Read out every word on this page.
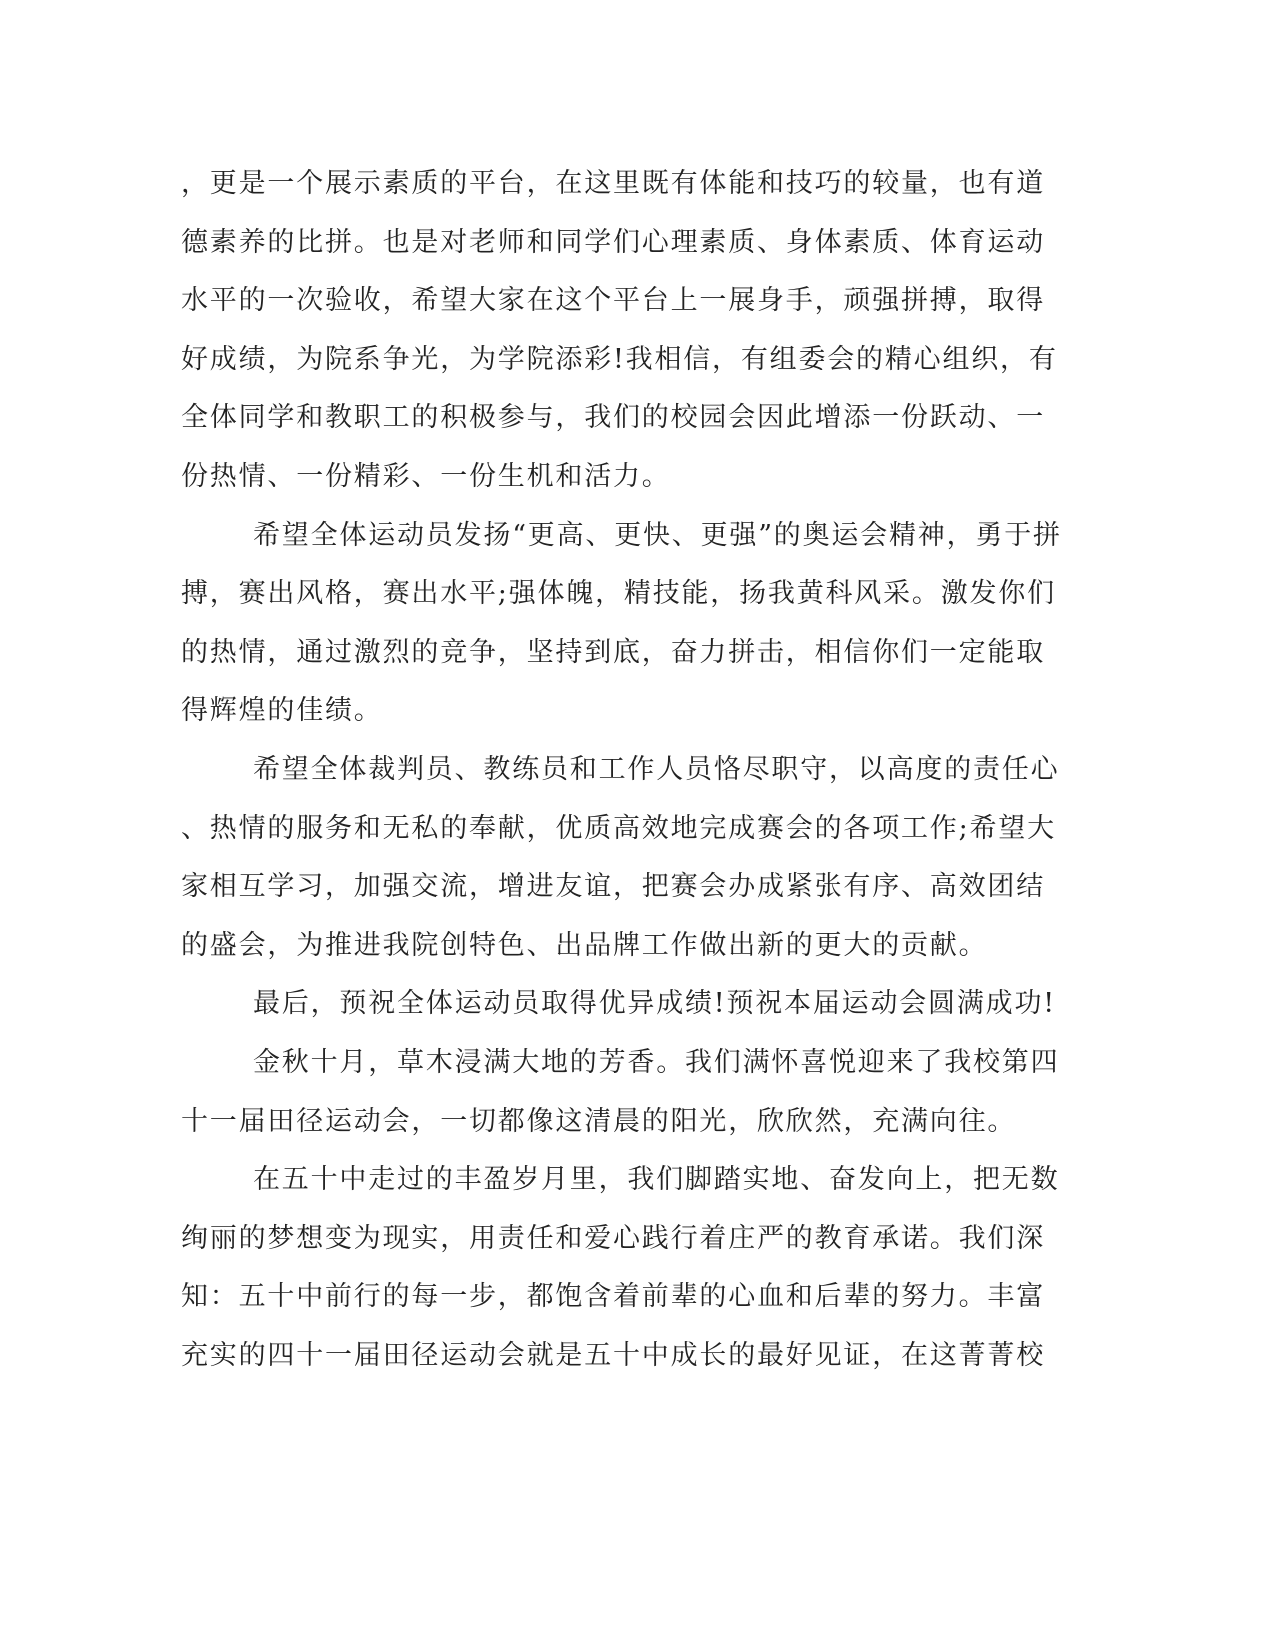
，更是一个展示素质的平台，在这里既有体能和技巧的较量，也有道
德素养的比拼。也是对老师和同学们心理素质、身体素质、体育运动
水平的一次验收，希望大家在这个平台上一展身手，顽强拼搏，取得
好成绩，为院系争光，为学院添彩!我相信，有组委会的精心组织，有
全体同学和教职工的积极参与，我们的校园会因此增添一份跃动、一
份热情、一份精彩、一份生机和活力。
希望全体运动员发扬“更高、更快、更强”的奥运会精神，勇于拼
搏，赛出风格，赛出水平;强体魄，精技能，扬我黄科风采。激发你们
的热情，通过激烈的竞争，坚持到底，奋力拼击，相信你们一定能取
得辉煌的佳绩。
希望全体裁判员、教练员和工作人员恪尽职守，以高度的责任心
、热情的服务和无私的奉献，优质高效地完成赛会的各项工作;希望大
家相互学习，加强交流，增进友谊，把赛会办成紧张有序、高效团结
的盛会，为推进我院创特色、出品牌工作做出新的更大的贡献。
最后，预祝全体运动员取得优异成绩!预祝本届运动会圆满成功!
金秋十月，草木浸满大地的芳香。我们满怀喜悦迎来了我校第四
十一届田径运动会，一切都像这清晨的阳光，欣欣然，充满向往。
在五十中走过的丰盈岁月里，我们脚踏实地、奋发向上，把无数
绚丽的梦想变为现实，用责任和爱心践行着庄严的教育承诺。我们深
知：五十中前行的每一步，都饱含着前辈的心血和后辈的努力。丰富
充实的四十一届田径运动会就是五十中成长的最好见证，在这菁菁校
